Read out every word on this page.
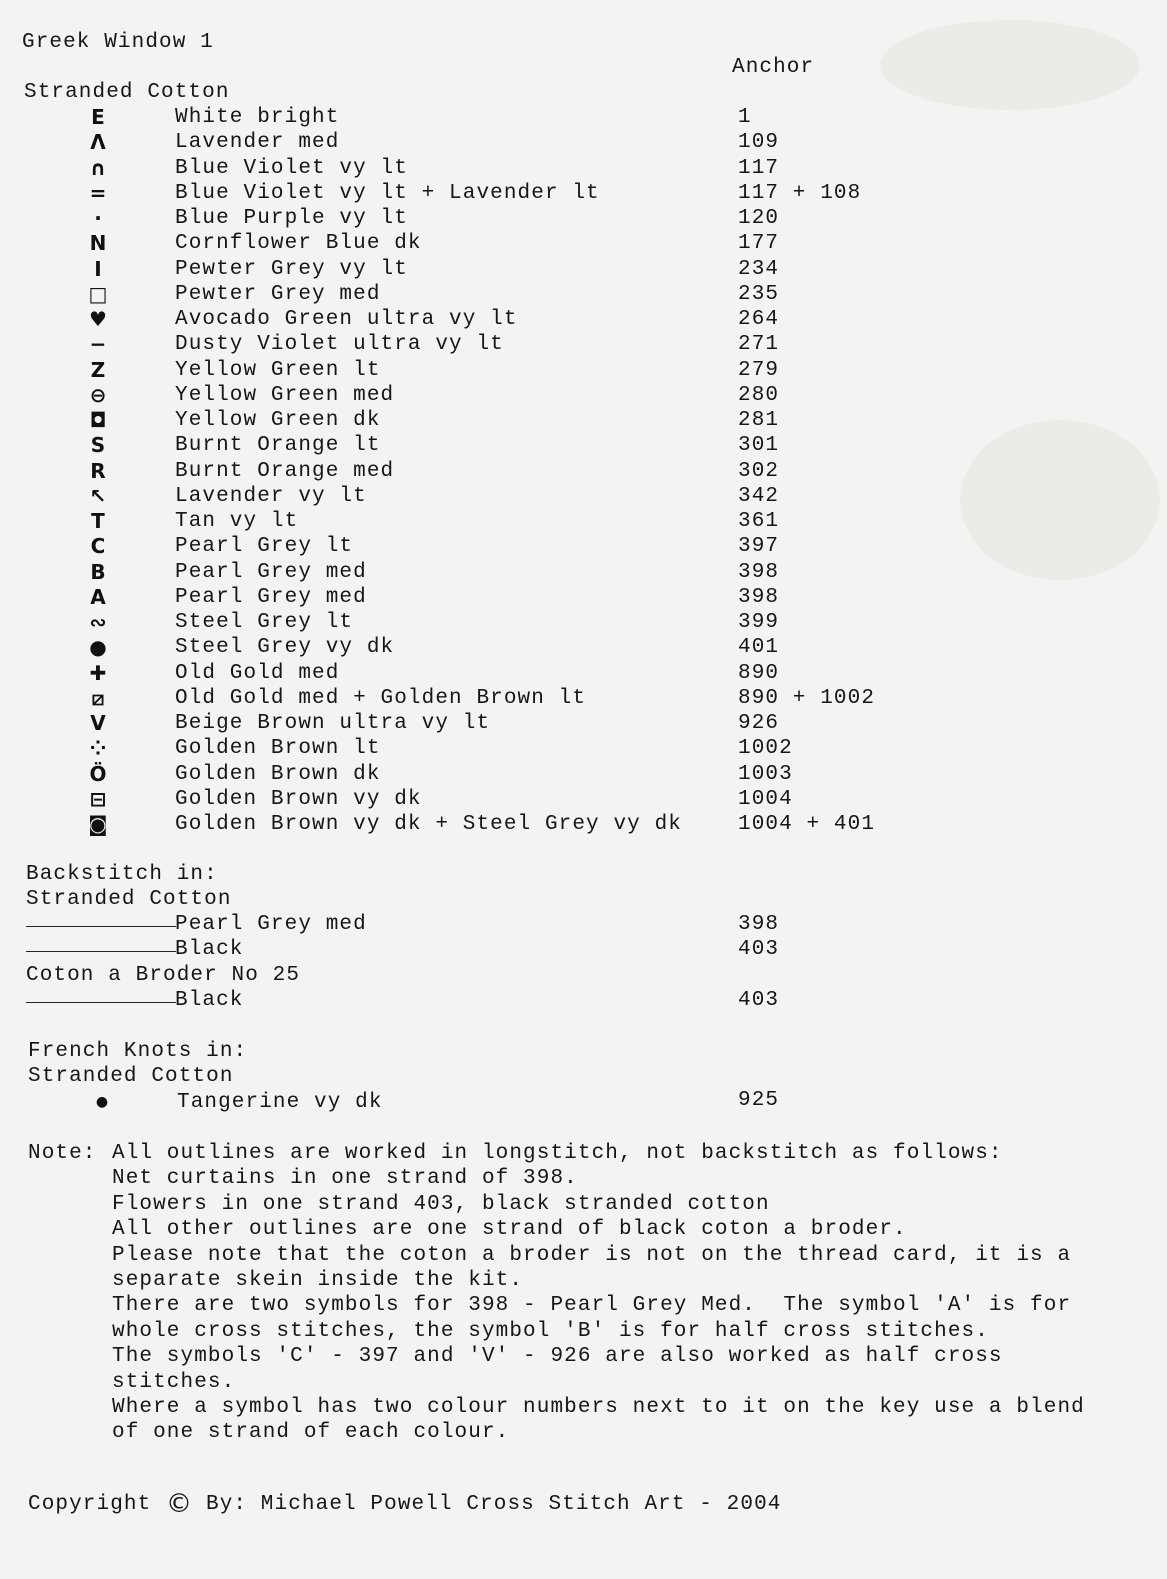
Greek Window 1
Anchor
Stranded Cotton
E	White bright	1
Ʌ	Lavender med	109
∩	Blue Violet vy lt	117
=	Blue Violet vy lt + Lavender lt	117 + 108
·	Blue Purple vy lt	120
N	Cornflower Blue dk	177
I	Pewter Grey vy lt	234
□	Pewter Grey med	235
♥	Avocado Green ultra vy lt	264
−	Dusty Violet ultra vy lt	271
Z	Yellow Green lt	279
⊖	Yellow Green med	280
◘	Yellow Green dk	281
S	Burnt Orange lt	301
R	Burnt Orange med	302
↖	Lavender vy lt	342
T	Tan vy lt	361
C	Pearl Grey lt	397
B	Pearl Grey med	398
A	Pearl Grey med	398
∾	Steel Grey lt	399
●	Steel Grey vy dk	401
✚	Old Gold med	890
⧄	Old Gold med + Golden Brown lt	890 + 1002
V	Beige Brown ultra vy lt	926
⁘	Golden Brown lt	1002
Ö	Golden Brown dk	1003
⊟	Golden Brown vy dk	1004
◙	Golden Brown vy dk + Steel Grey vy dk	1004 + 401
Backstitch in:
Stranded Cotton
Pearl Grey med	398
Black	403
Coton a Broder No 25
Black	403
French Knots in:
Stranded Cotton
●	Tangerine vy dk	925
Note: All outlines are worked in longstitch, not backstitch as follows:
Net curtains in one strand of 398.
Flowers in one strand 403, black stranded cotton
All other outlines are one strand of black coton a broder.
Please note that the coton a broder is not on the thread card, it is a
separate skein inside the kit.
There are two symbols for 398 - Pearl Grey Med.  The symbol 'A' is for
whole cross stitches, the symbol 'B' is for half cross stitches.
The symbols 'C' - 397 and 'V' - 926 are also worked as half cross
stitches.
Where a symbol has two colour numbers next to it on the key use a blend
of one strand of each colour.
Copyright © By: Michael Powell Cross Stitch Art - 2004
